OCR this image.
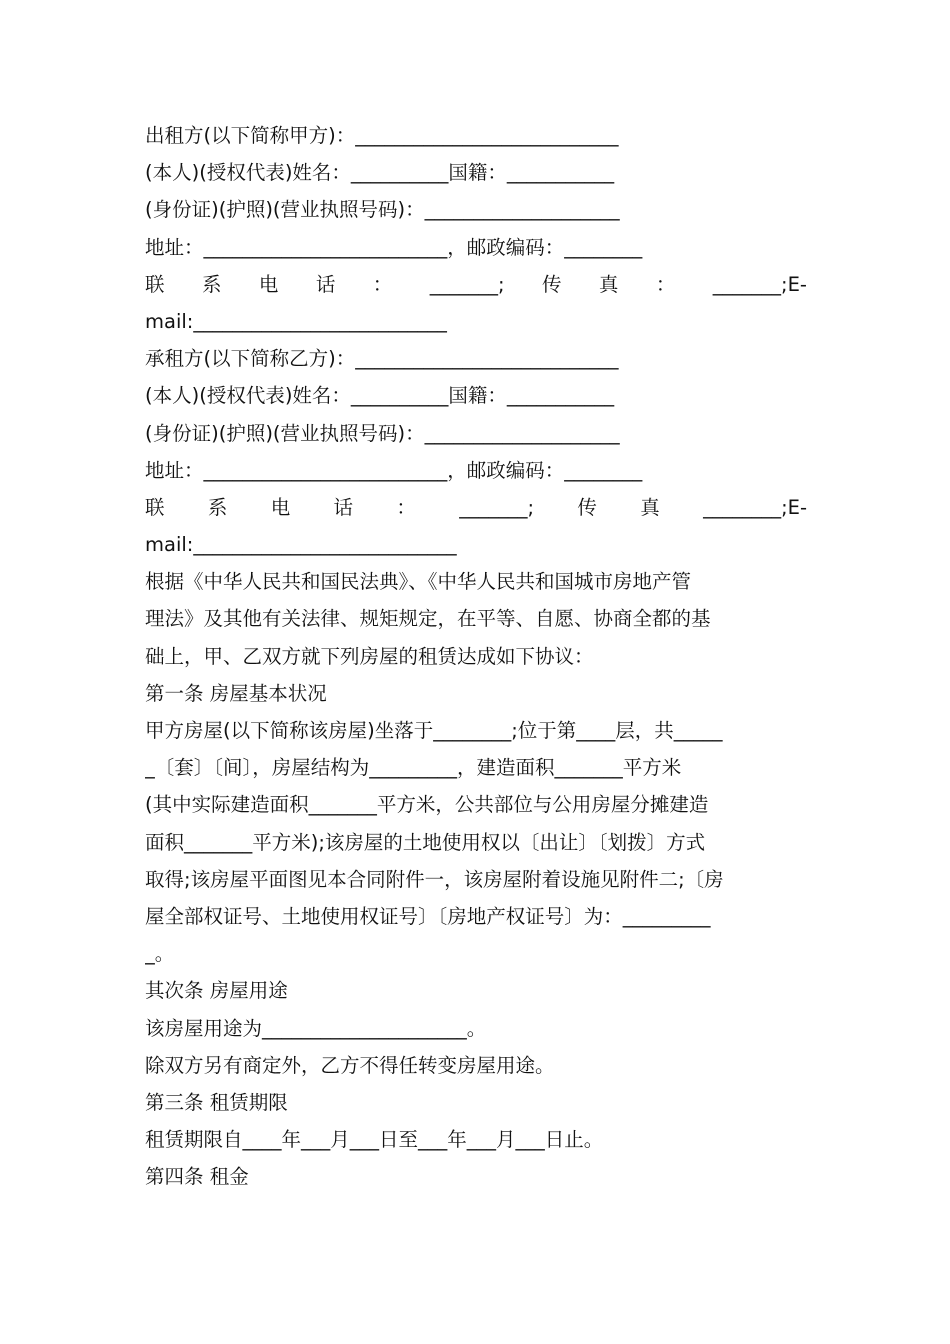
出租方(以下简称甲方)：___________________________
(本人)(授权代表)姓名：__________国籍：___________
(身份证)(护照)(营业执照号码)：____________________
地址：_________________________，邮政编码：________
联 系 电 话 ： _______; 传 真 ： _______;E-
mail:__________________________
承租方(以下简称乙方)：___________________________
(本人)(授权代表)姓名：__________国籍：___________
(身份证)(护照)(营业执照号码)：____________________
地址：_________________________，邮政编码：________
联 系 电 话 ： _______; 传 真 ________;E-
mail:___________________________
根据《中华人民共和国民法典》、《中华人民共和国城市房地产管
理法》及其他有关法律、规矩规定，在平等、自愿、协商全都的基
础上，甲、乙双方就下列房屋的租赁达成如下协议：
第一条 房屋基本状况
甲方房屋(以下简称该房屋)坐落于________;位于第____层，共_____
_〔套〕〔间〕，房屋结构为_________，建造面积_______平方米
(其中实际建造面积_______平方米，公共部位与公用房屋分摊建造
面积_______平方米);该房屋的土地使用权以〔出让〕〔划拨〕方式
取得;该房屋平面图见本合同附件一，该房屋附着设施见附件二;〔房
屋全部权证号、土地使用权证号〕〔房地产权证号〕为：_________
_。
其次条 房屋用途
该房屋用途为_____________________。
除双方另有商定外，乙方不得任转变房屋用途。
第三条 租赁期限
租赁期限自____年___月___日至___年___月___日止。
第四条 租金
